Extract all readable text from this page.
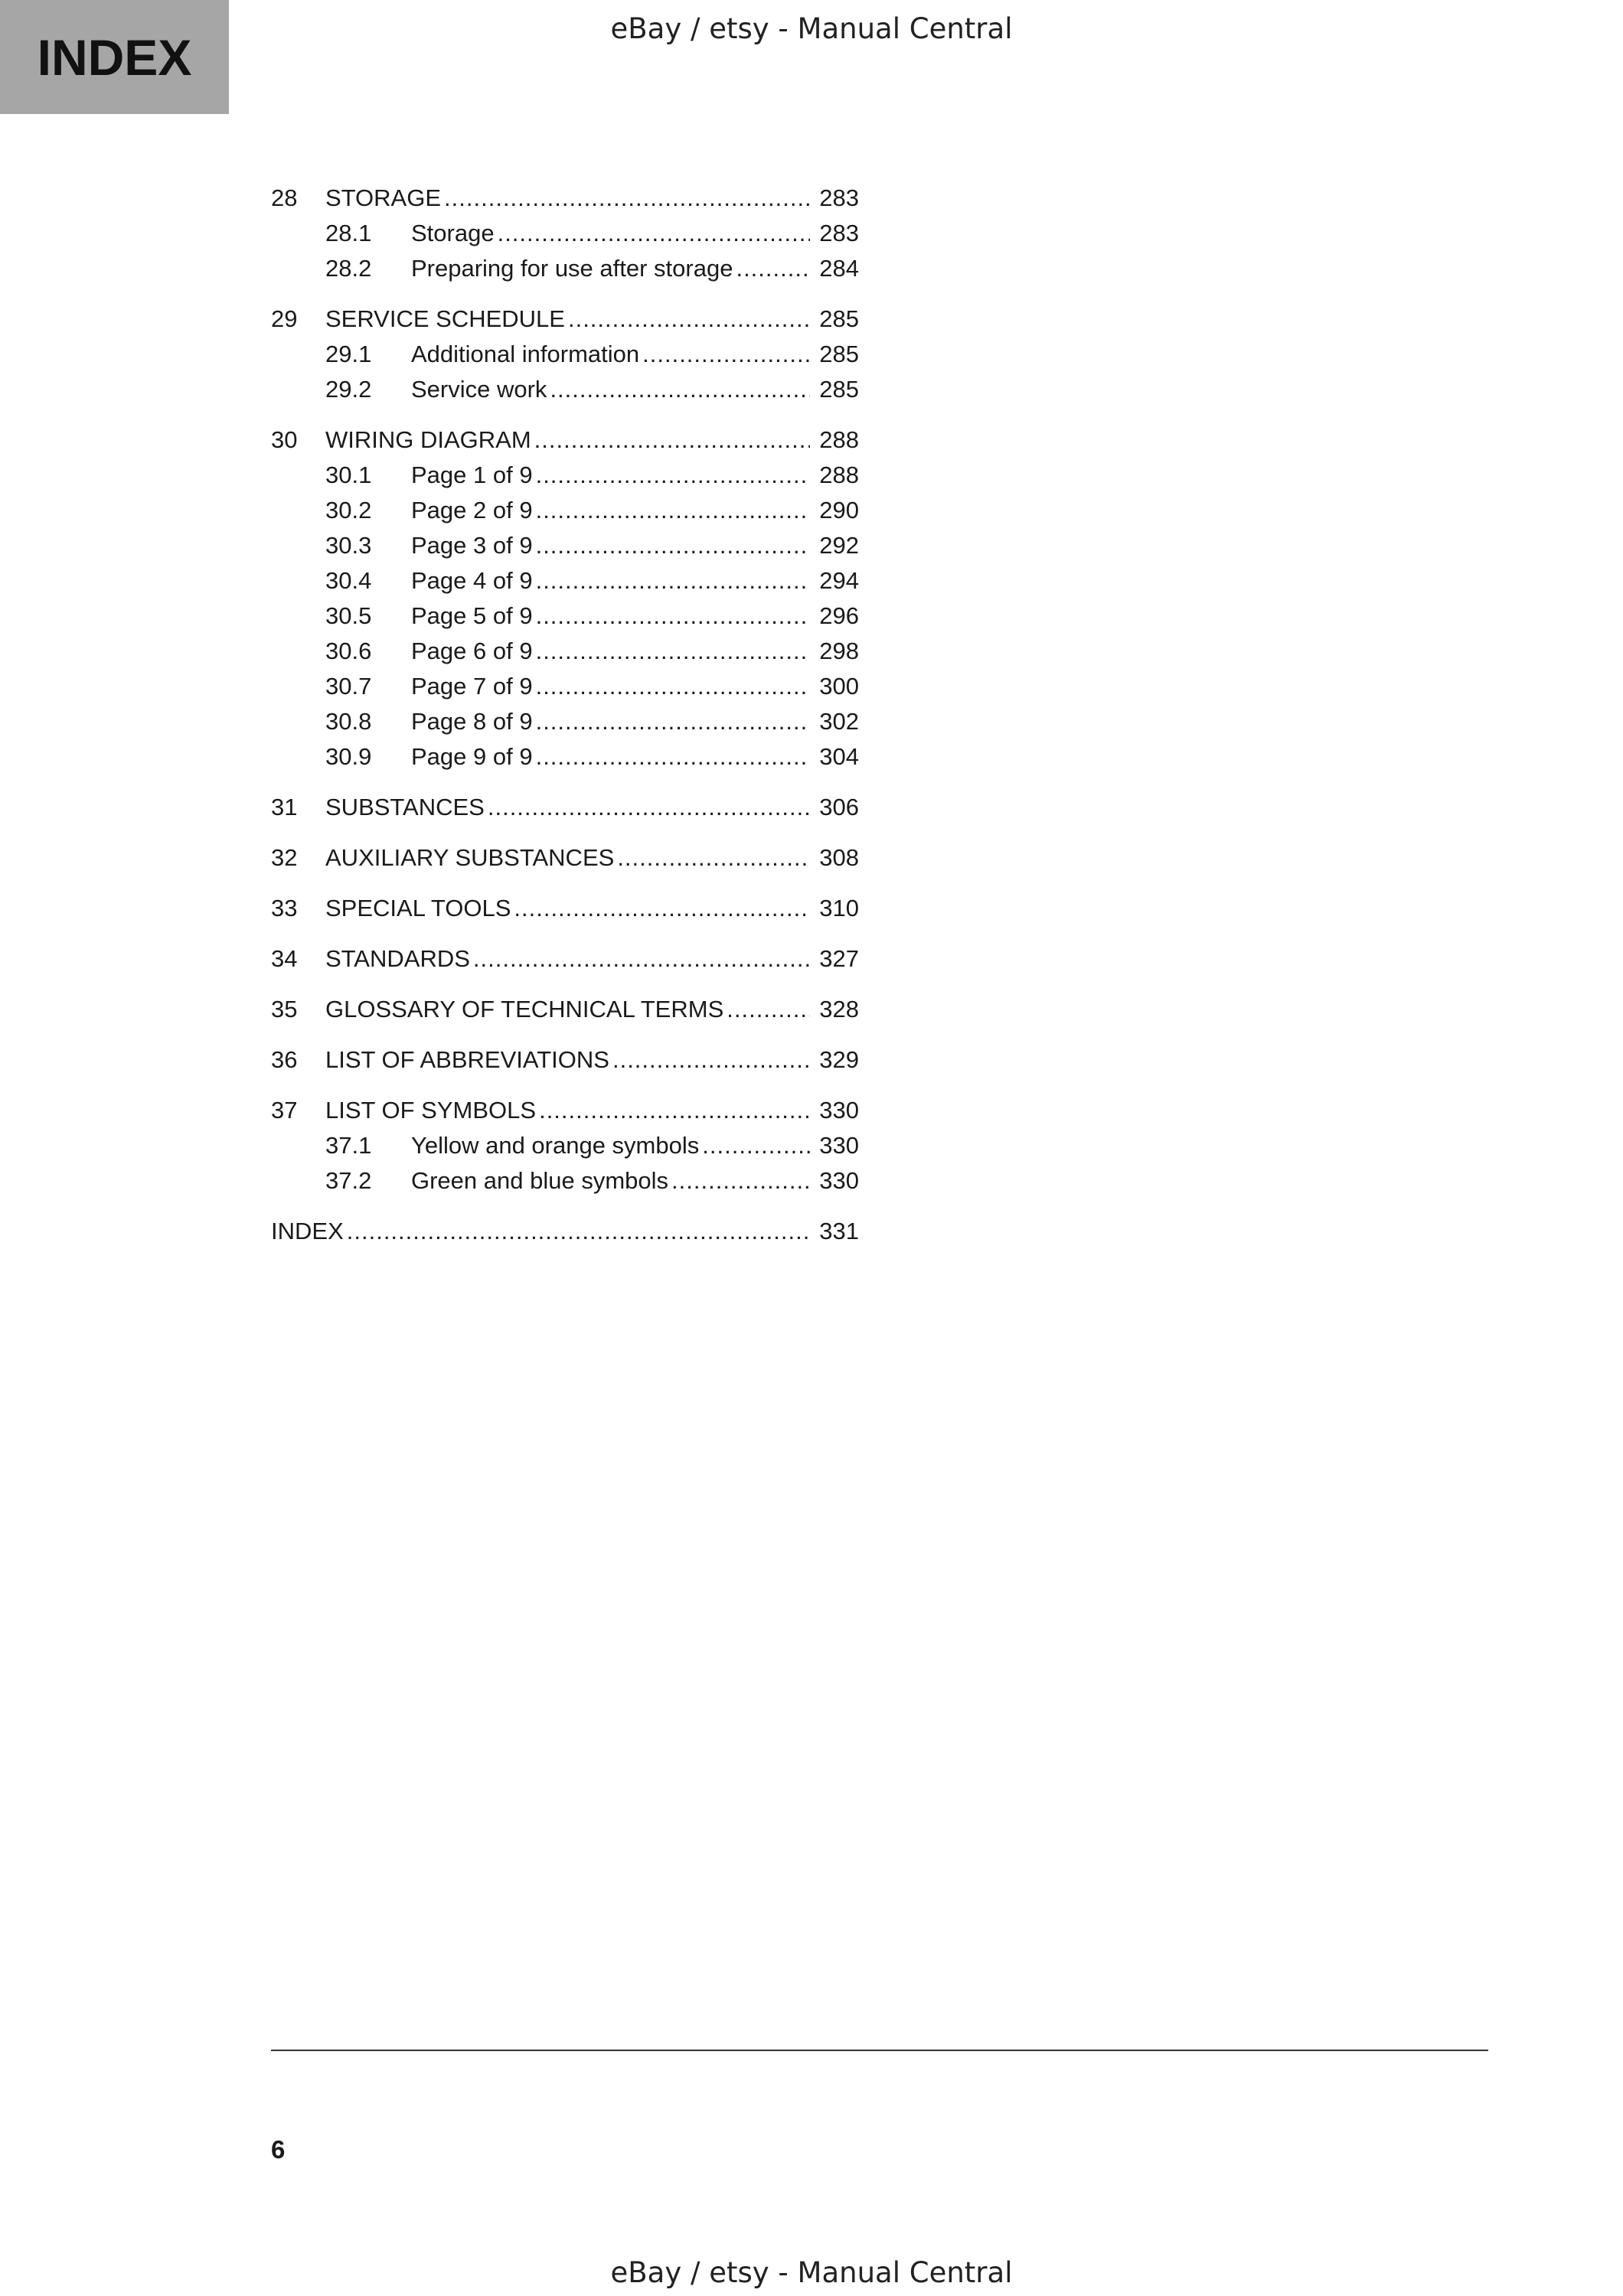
INDEX	eBay / etsy - Manual Central
28	STORAGE .....	283
28.1	Storage .....	283
28.2	Preparing for use after storage .....	284
29	SERVICE SCHEDULE .....	285
29.1	Additional information .....	285
29.2	Service work .....	285
30	WIRING DIAGRAM .....	288
30.1	Page 1 of 9 .....	288
30.2	Page 2 of 9 .....	290
30.3	Page 3 of 9 .....	292
30.4	Page 4 of 9 .....	294
30.5	Page 5 of 9 .....	296
30.6	Page 6 of 9 .....	298
30.7	Page 7 of 9 .....	300
30.8	Page 8 of 9 .....	302
30.9	Page 9 of 9 .....	304
31	SUBSTANCES .....	306
32	AUXILIARY SUBSTANCES .....	308
33	SPECIAL TOOLS .....	310
34	STANDARDS .....	327
35	GLOSSARY OF TECHNICAL TERMS .....	328
36	LIST OF ABBREVIATIONS .....	329
37	LIST OF SYMBOLS .....	330
37.1	Yellow and orange symbols .....	330
37.2	Green and blue symbols .....	330
INDEX .....	331
6
eBay / etsy - Manual Central
